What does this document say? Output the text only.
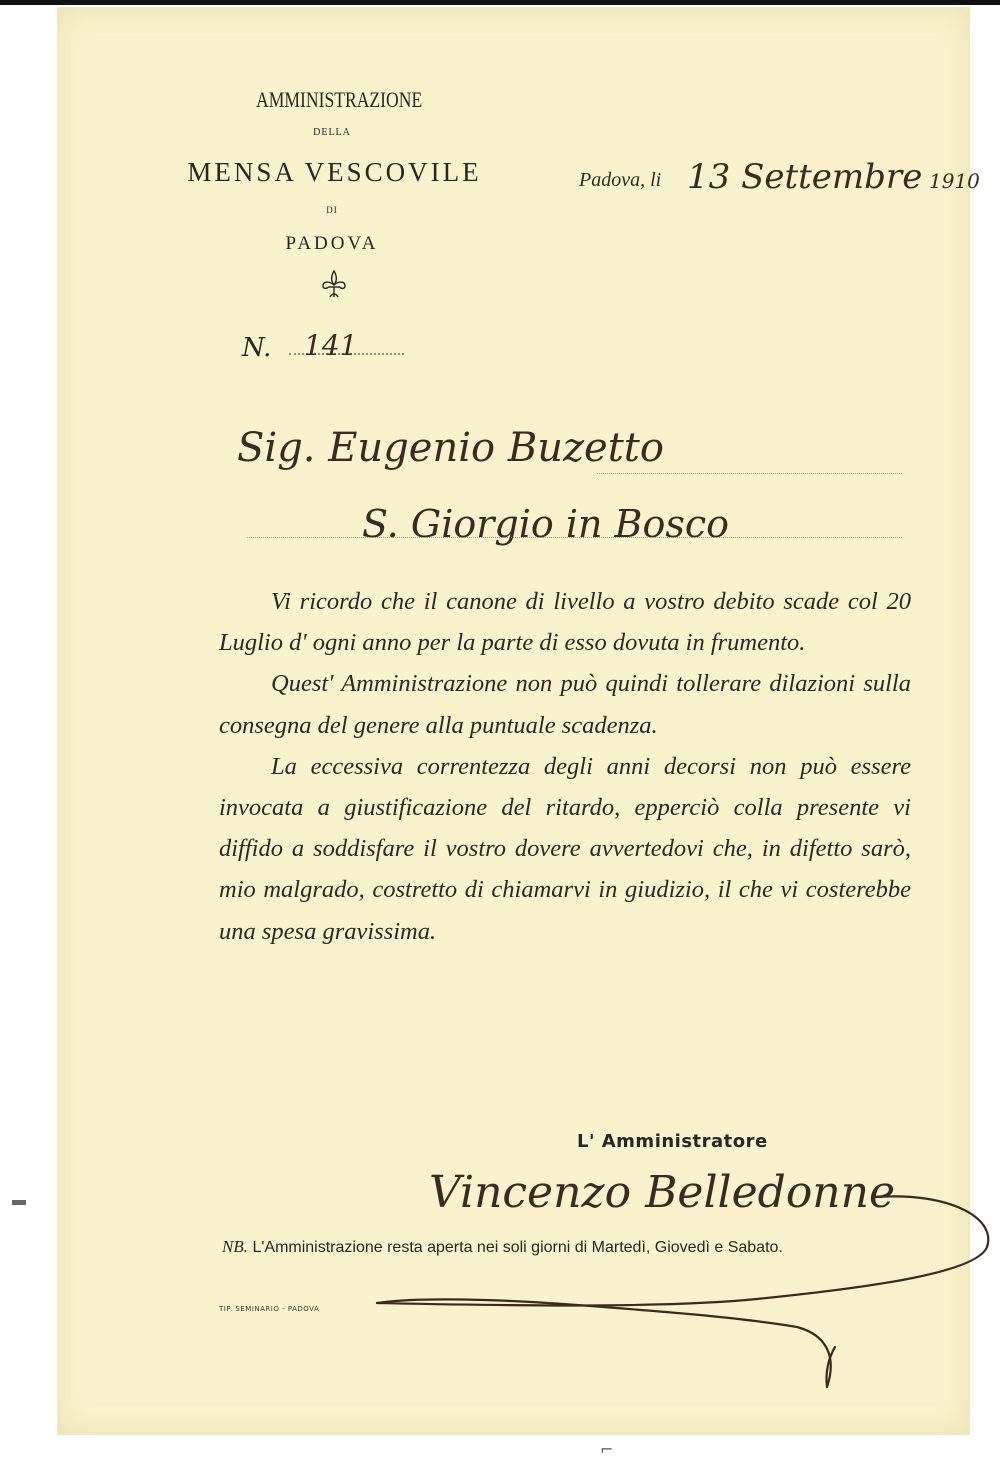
AMMINISTRAZIONE
DELLA
MENSA VESCOVILE
DI
PADOVA
N. 141
Padova, li 13 Settembre 1910
Sig. Eugenio Buzetto
S. Giorgio in Bosco

Vi ricordo che il canone di livello a vostro debito scade col 20 Luglio d' ogni anno per la parte di esso dovuta in frumento.

Quest' Amministrazione non può quindi tollerare dilazioni sulla consegna del genere alla puntuale scadenza.

La eccessiva correntezza degli anni decorsi non può essere invocata a giustificazione del ritardo, epperciò colla presente vi diffido a soddisfare il vostro dovere avvertedovi che, in difetto sarò, mio malgrado, costretto di chiamarvi in giudizio, il che vi costerebbe una spesa gravissima.

L' Amministratore
Vincenzo Belledonne
NB. L'Amministrazione resta aperta nei soli giorni di Martedì, Giovedì e Sabato.
TIP. SEMINARIO - PADOVA
⌐
